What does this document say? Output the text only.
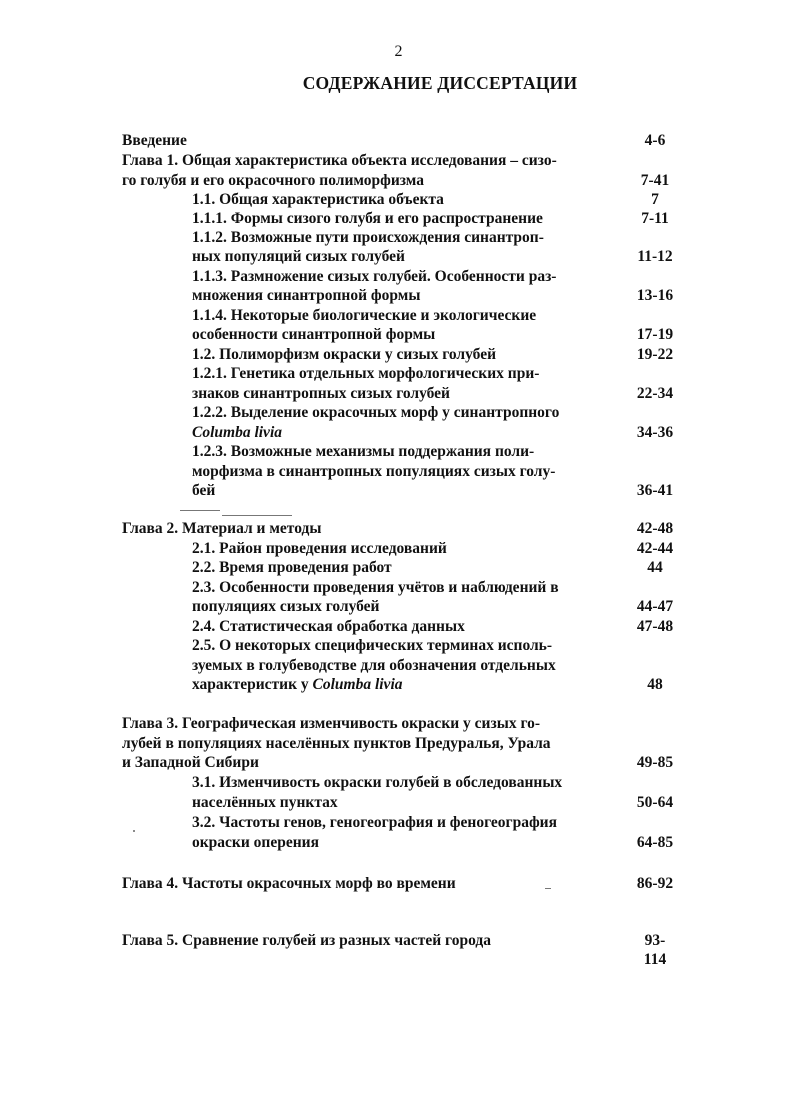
2
СОДЕРЖАНИЕ ДИССЕРТАЦИИ
Введение	4-6
Глава 1. Общая характеристика объекта исследования – сизо-
го голубя и его окрасочного полиморфизма	7-41
1.1. Общая характеристика объекта	7
1.1.1. Формы сизого голубя и его распространение	7-11
1.1.2. Возможные пути происхождения синантроп-
ных популяций сизых голубей	11-12
1.1.3. Размножение сизых голубей. Особенности раз-
множения синантропной формы	13-16
1.1.4. Некоторые биологические и экологические
особенности синантропной формы	17-19
1.2. Полиморфизм окраски у сизых голубей	19-22
1.2.1. Генетика отдельных морфологических при-
знаков синантропных сизых голубей	22-34
1.2.2. Выделение окрасочных морф у синантропного
Columba livia	34-36
1.2.3. Возможные механизмы поддержания поли-
морфизма в синантропных популяциях сизых голу-
бей	36-41
Глава 2. Материал и методы	42-48
2.1. Район проведения исследований	42-44
2.2. Время проведения работ	44
2.3. Особенности проведения учётов и наблюдений в
популяциях сизых голубей	44-47
2.4. Статистическая обработка данных	47-48
2.5. О некоторых специфических терминах исполь-
зуемых в голубеводстве для обозначения отдельных
характеристик у Columba livia	48
Глава 3. Географическая изменчивость окраски у сизых го-
лубей в популяциях населённых пунктов Предуралья, Урала
и Западной Сибири	49-85
3.1. Изменчивость окраски голубей в обследованных
населённых пунктах	50-64
3.2. Частоты генов, геногеография и феногеография
окраски оперения	64-85
Глава 4. Частоты окрасочных морф во времени	86-92
Глава 5. Сравнение голубей из разных частей города	93-
114
